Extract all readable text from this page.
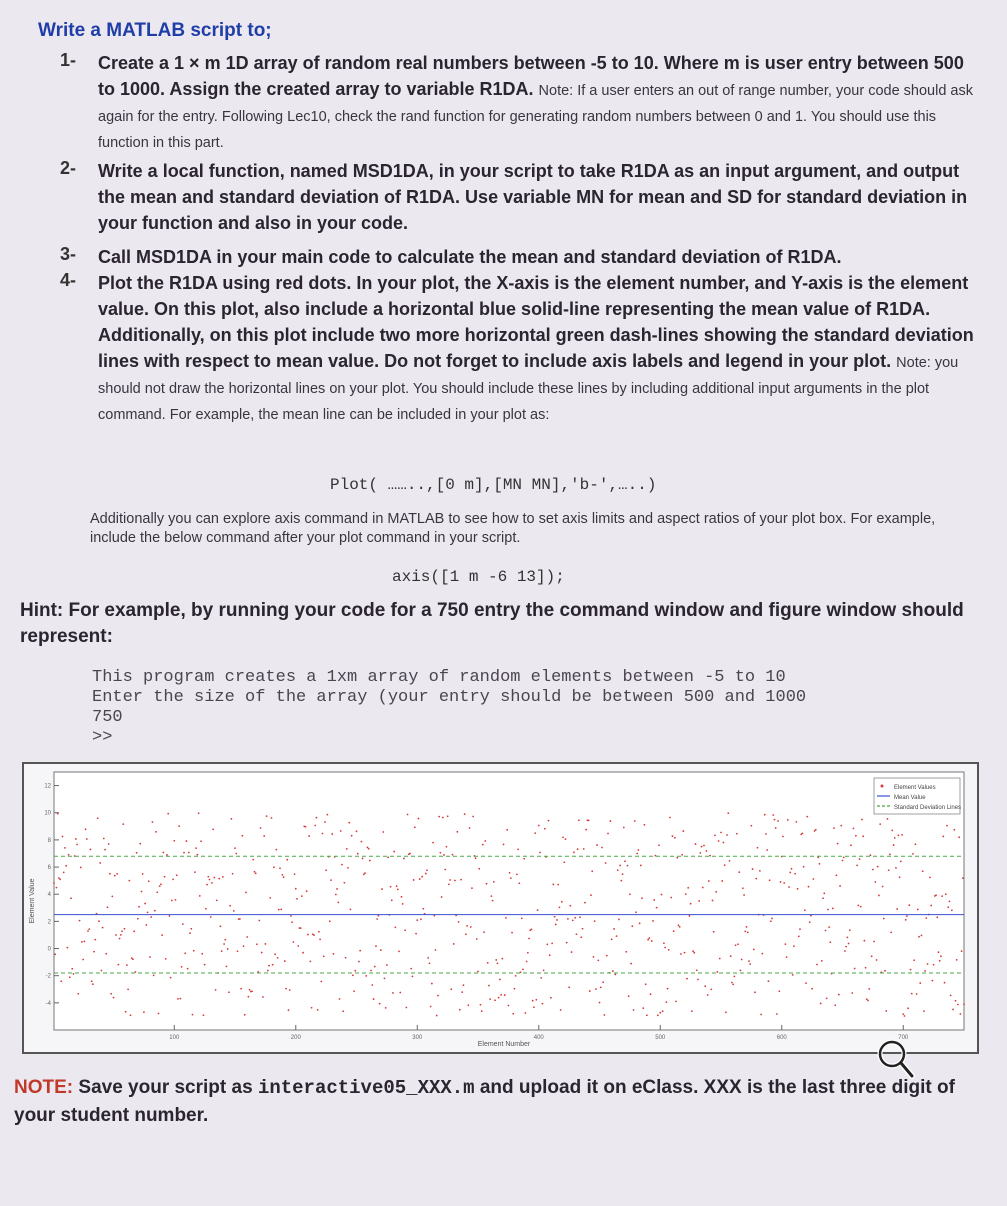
Write a MATLAB script to;
1- Create a 1 × m 1D array of random real numbers between -5 to 10. Where m is user entry between 500 to 1000. Assign the created array to variable R1DA. Note: If a user enters an out of range number, your code should ask again for the entry. Following Lec10, check the rand function for generating random numbers between 0 and 1. You should use this function in this part.
2- Write a local function, named MSD1DA, in your script to take R1DA as an input argument, and output the mean and standard deviation of R1DA. Use variable MN for mean and SD for standard deviation in your function and also in your code.
3- Call MSD1DA in your main code to calculate the mean and standard deviation of R1DA.
4- Plot the R1DA using red dots. In your plot, the X-axis is the element number, and Y-axis is the element value. On this plot, also include a horizontal blue solid-line representing the mean value of R1DA. Additionally, on this plot include two more horizontal green dash-lines showing the standard deviation lines with respect to mean value. Do not forget to include axis labels and legend in your plot. Note: you should not draw the horizontal lines on your plot. You should include these lines by including additional input arguments in the plot command. For example, the mean line can be included in your plot as:
Plot( ……..,[0 m],[MN MN],'b-',…..)
Additionally you can explore axis command in MATLAB to see how to set axis limits and aspect ratios of your plot box. For example, include the below command after your plot command in your script.
axis([1 m -6 13]);
Hint: For example, by running your code for a 750 entry the command window and figure window should represent:
This program creates a 1xm array of random elements between -5 to 10
Enter the size of the array (your entry should be between 500 and 1000
750
>>
-4
-2
0
2
4
6
8
10
12
100	200	300	400	500	600	700
Element Values
Mean Value
Standard Deviation Lines
Element Number
Element Value
NOTE: Save your script as interactive05_XXX.m and upload it on eClass. XXX is the last three digit of your student number.
